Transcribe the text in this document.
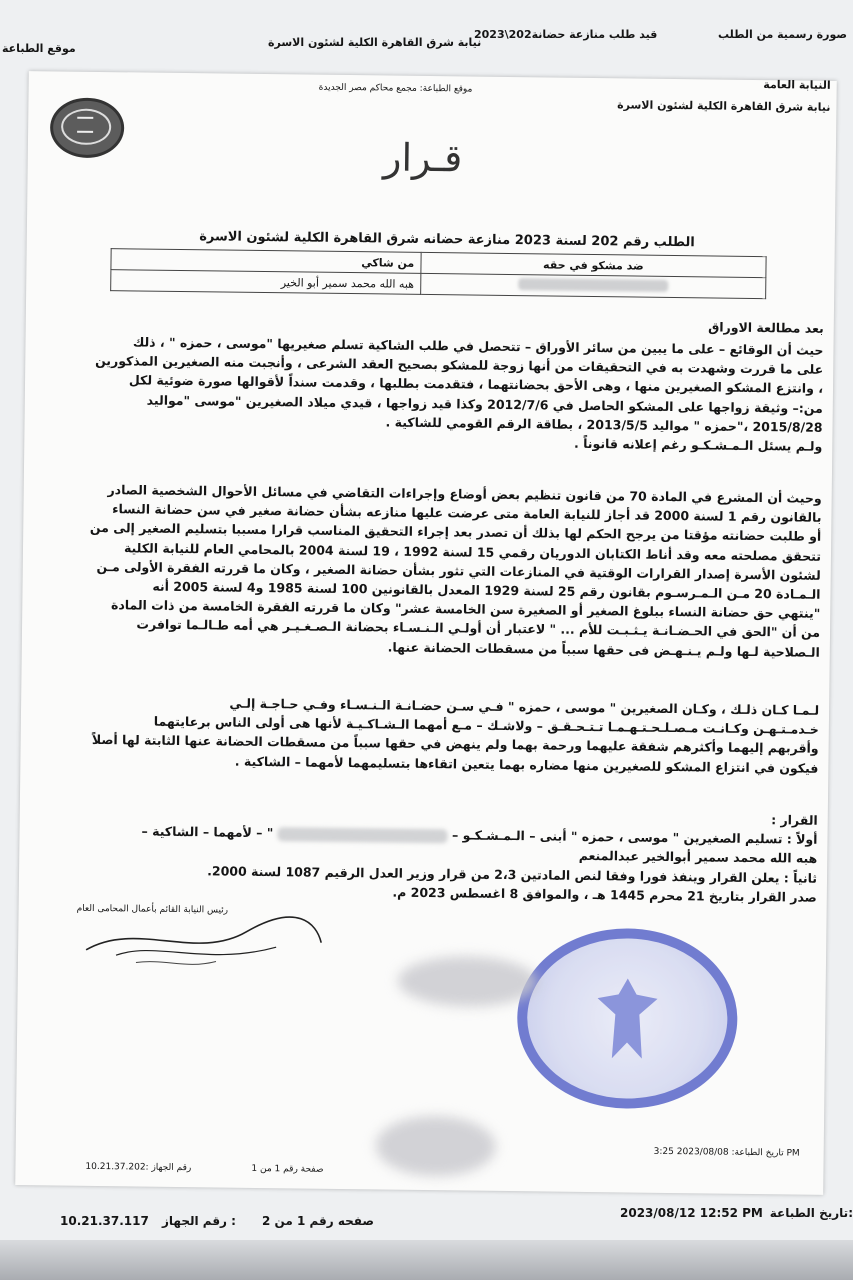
صورة رسمية من الطلب
2023\202قيد طلب منازعة حضانة
نيابة شرق القاهرة الكلية لشئون الاسرة
موقع الطباعة
موقع الطباعة: مجمع محاكم مصر الجديدة	النيابة العامة
نيابة شرق القاهرة الكلية لشئون الاسرة
قـرار
الطلب رقم 202 لسنة 2023 منازعة حضانه شرق القاهرة الكلية لشئون الاسرة
من شاكي	ضد مشكو في حقه
هبه الله محمد سمير أبو الخير	
بعد مطالعة الاوراق

حيث أن الوقائع – على ما يبين من سائر الأوراق – تتحصل في طلب الشاكية تسلم صغيريها "موسى ، حمزه " ، ذلك

على ما قررت وشهدت به في التحقيقات من أنها زوجة للمشكو بصحيح العقد الشرعى ، وأنجبت منه الصغيرين المذكورين

، وانتزع المشكو الصغيرين منها ، وهى الأحق بحضانتهما ، فتقدمت بطلبها ، وقدمت سنداً لأقوالها صورة ضوئية لكل

من:– وثيقة زواجها على المشكو الحاصل في 2012/7/6 وكذا قيد زواجها ، قيدي ميلاد الصغيرين "موسى "مواليد

2015/8/28 ،"حمزه " مواليد 2013/5/5 ، بطاقة الرقم القومي للشاكية .

ولـم يسئل الـمـشـكـو رغم إعلانه قانوناً .

وحيث أن المشرع في المادة 70 من قانون تنظيم بعض أوضاع وإجراءات التقاضي في مسائل الأحوال الشخصية الصادر

بالقانون رقم 1 لسنة 2000 قد أجاز للنيابة العامة متى عرضت عليها منازعه بشأن حضانة صغير في سن حضانة النساء

أو طلبت حضانته مؤقتا من يرجح الحكم لها بذلك أن تصدر بعد إجراء التحقيق المناسب قرارا مسببا بتسليم الصغير إلى من

تتحقق مصلحته معه وقد أناط الكتابان الدوريان رقمي 15 لسنة 1992 ، 19 لسنة 2004 بالمحامي العام للنيابة الكلية

لشئون الأسرة إصدار القرارات الوقتية في المنازعات التي تثور بشأن حضانة الصغير ، وكان ما قررته الفقرة الأولى مـن

الـمـادة 20 مـن الـمـرسـوم بقانون رقم 25 لسنة 1929 المعدل بالقانونين 100 لسنة 1985 و4 لسنة 2005 أنه

"ينتهي حق حضانة النساء ببلوغ الصغير أو الصغيرة سن الخامسة عشر" وكان ما قررته الفقرة الخامسة من ذات المادة

من أن "الحق في الحـضـانـة يـثـبـت للأم ... " لاعتبار أن أولـي الـنـسـاء بحضانة الـصـغـيـر هي أمه طـالـما توافرت

الـصلاحية لـها ولـم يـنـهـض فى حقها سبباً من مسقطات الحضانة عنها.

لـمـا كـان ذلـك ، وكـان الصغيرين " موسى ، حمزه " فـي سـن حضـانـة الـنـسـاء وفـي حـاجـة إلـي

خـدمـتـهـن وكـانـت مـصـلـحـتـهـمـا تـتـحـقـق – ولاشـك – مـع أمهما الـشـاكـيـة لأنها هى أولى الناس برعايتهما

وأقربهم إليهما وأكثرهم شفقة عليهما ورحمة بهما ولم ينهض في حقها سبباً من مسقطات الحضانة عنها الثابتة لها أصلاً

فيكون في انتزاع المشكو للصغيرين منها مضاره بهما يتعين اتقاءها بتسليمهما لأمهما – الشاكية .

القرار :

أولاً : تسليم الصغيرين " موسى ، حمزه " أبنى – الـمـشـكـو –  " – لأمهما – الشاكية –

هبه الله محمد سمير أبوالخير عبدالمنعم

ثانياً : يعلن القرار وينفذ فورا وفقا لنص المادتين 2،3 من قرار وزير العدل الرقيم 1087 لسنة 2000.

صدر القرار بتاريخ 21 محرم 1445 هـ ، والموافق 8 اغسطس 2023 م.

رئيس النيابة القائم بأعمال المحامى العام
تاريخ الطباعة: 2023/08/08 3:25 PM
صفحة رقم 1 من 1
رقم الجهاز :10.21.37.202
تاريخ الطباعة:
2023/08/12 12:52 PM
صفحه رقم 1 من 2
رقم الجهاز :
10.21.37.117
